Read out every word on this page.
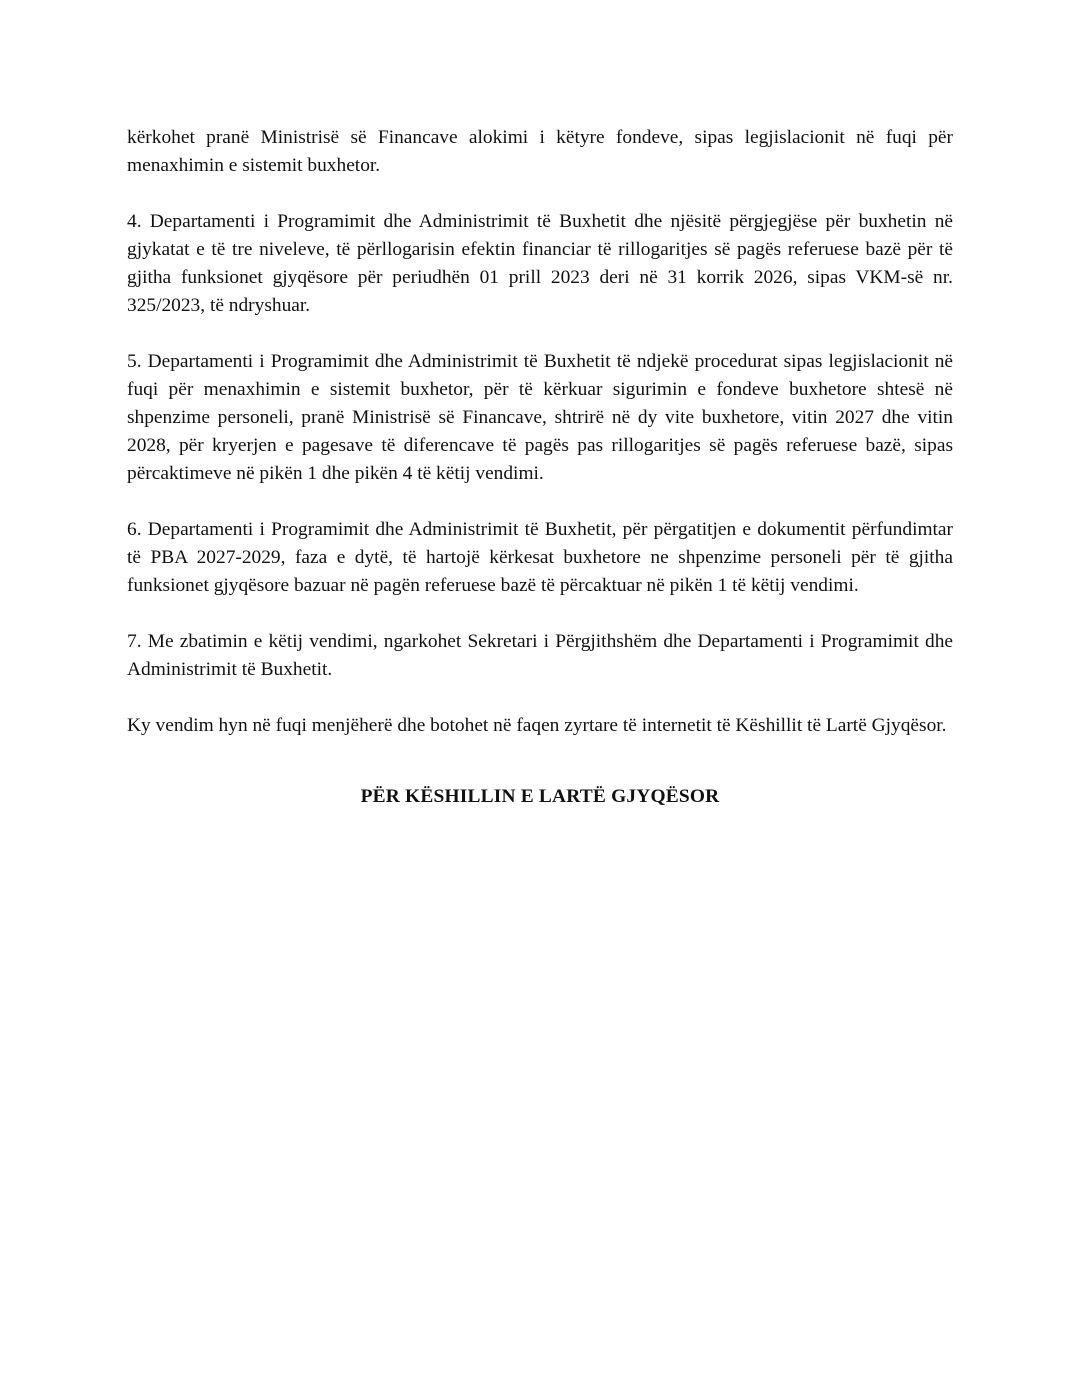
kërkohet pranë Ministrisë së Financave alokimi i këtyre fondeve, sipas legjislacionit në fuqi për menaxhimin e sistemit buxhetor.

4. Departamenti i Programimit dhe Administrimit të Buxhetit dhe njësitë përgjegjëse për buxhetin në gjykatat e të tre niveleve, të përllogarisin efektin financiar të rillogaritjes së pagës referuese bazë për të gjitha funksionet gjyqësore për periudhën 01 prill 2023 deri në 31 korrik 2026, sipas VKM-së nr. 325/2023, të ndryshuar.

5. Departamenti i Programimit dhe Administrimit të Buxhetit të ndjekë procedurat sipas legjislacionit në fuqi për menaxhimin e sistemit buxhetor, për të kërkuar sigurimin e fondeve buxhetore shtesë në shpenzime personeli, pranë Ministrisë së Financave, shtrirë në dy vite buxhetore, vitin 2027 dhe vitin 2028, për kryerjen e pagesave të diferencave të pagës pas rillogaritjes së pagës referuese bazë, sipas përcaktimeve në pikën 1 dhe pikën 4 të këtij vendimi.

6. Departamenti i Programimit dhe Administrimit të Buxhetit, për përgatitjen e dokumentit përfundimtar të PBA 2027-2029, faza e dytë, të hartojë kërkesat buxhetore ne shpenzime personeli për të gjitha funksionet gjyqësore bazuar në pagën referuese bazë të përcaktuar në pikën 1 të këtij vendimi.

7. Me zbatimin e këtij vendimi, ngarkohet Sekretari i Përgjithshëm dhe Departamenti i Programimit dhe Administrimit të Buxhetit.

Ky vendim hyn në fuqi menjëherë dhe botohet në faqen zyrtare të internetit të Këshillit të Lartë Gjyqësor.

PËR KËSHILLIN E LARTË GJYQËSOR
